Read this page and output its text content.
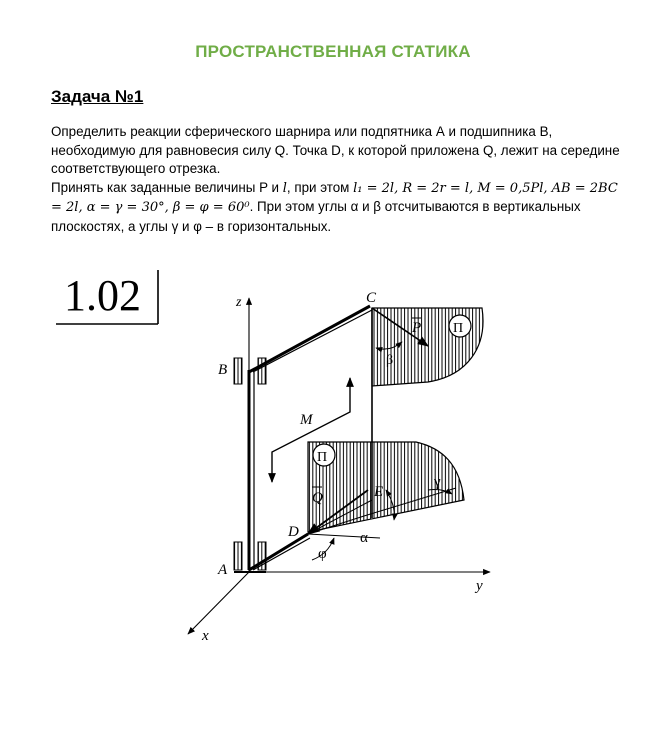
ПРОСТРАНСТВЕННАЯ СТАТИКА
Задача №1

Определить реакции сферического шарнира или подпятника А и подшипника В, необходимую для равновесия силу Q. Точка D, к которой приложена Q, лежит на середине соответствующего отрезка.

Принять как заданные величины P и l, при этом l₁ = 2l, R = 2r = l, M = 0,5Pl, AB = 2BC = 2l, α = γ = 30°, β = φ = 60⁰. При этом углы α и β отсчитываются в вертикальных плоскостях, а углы γ и φ – в горизонтальных.

1.02	z
y
x
П
П
B
A
M
P
C
β
Q
D
E
α
γ
φ
